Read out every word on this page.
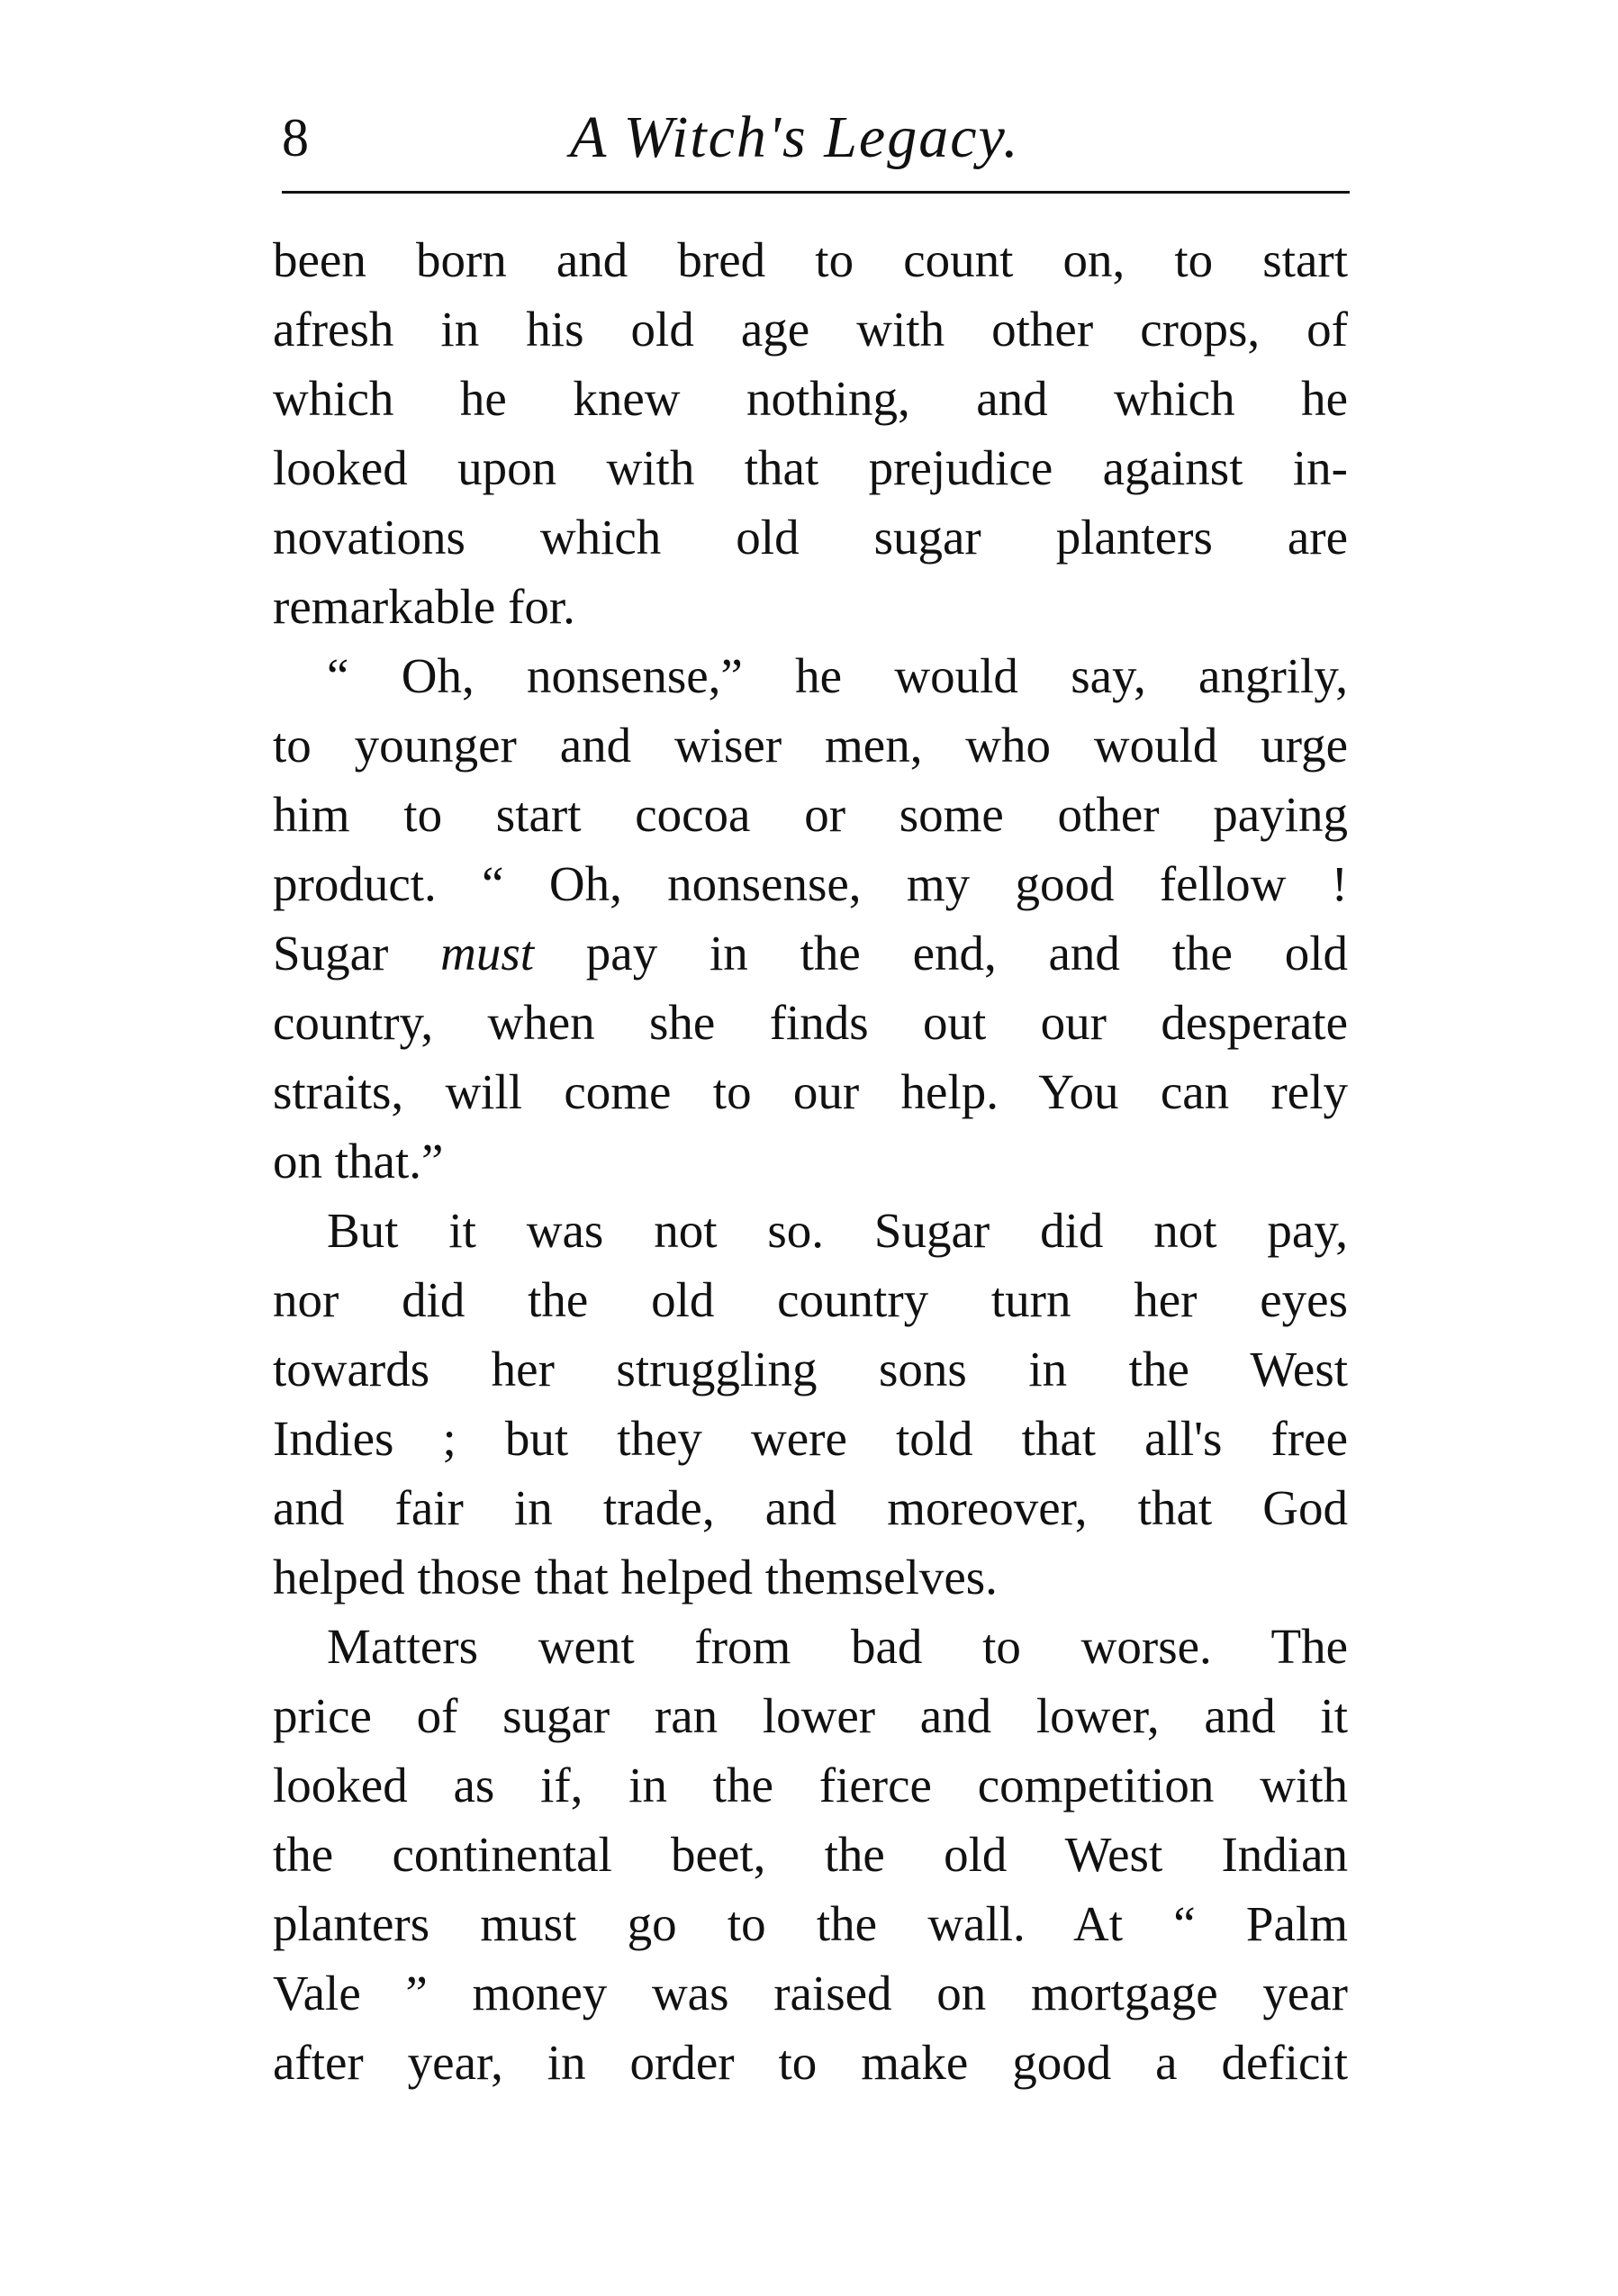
8	A Witch's Legacy.
been born and bred to count on, to start
afresh in his old age with other crops, of
which he knew nothing, and which he
looked upon with that prejudice against in-
novations which old sugar planters are
remarkable for.
“ Oh, nonsense,” he would say, angrily,
to younger and wiser men, who would urge
him to start cocoa or some other paying
product. “ Oh, nonsense, my good fellow !
Sugar must pay in the end, and the old
country, when she finds out our desperate
straits, will come to our help. You can rely
on that.”
But it was not so. Sugar did not pay,
nor did the old country turn her eyes
towards her struggling sons in the West
Indies ; but they were told that all's free
and fair in trade, and moreover, that God
helped those that helped themselves.
Matters went from bad to worse. The
price of sugar ran lower and lower, and it
looked as if, in the fierce competition with
the continental beet, the old West Indian
planters must go to the wall. At “ Palm
Vale ” money was raised on mortgage year
after year, in order to make good a deficit
